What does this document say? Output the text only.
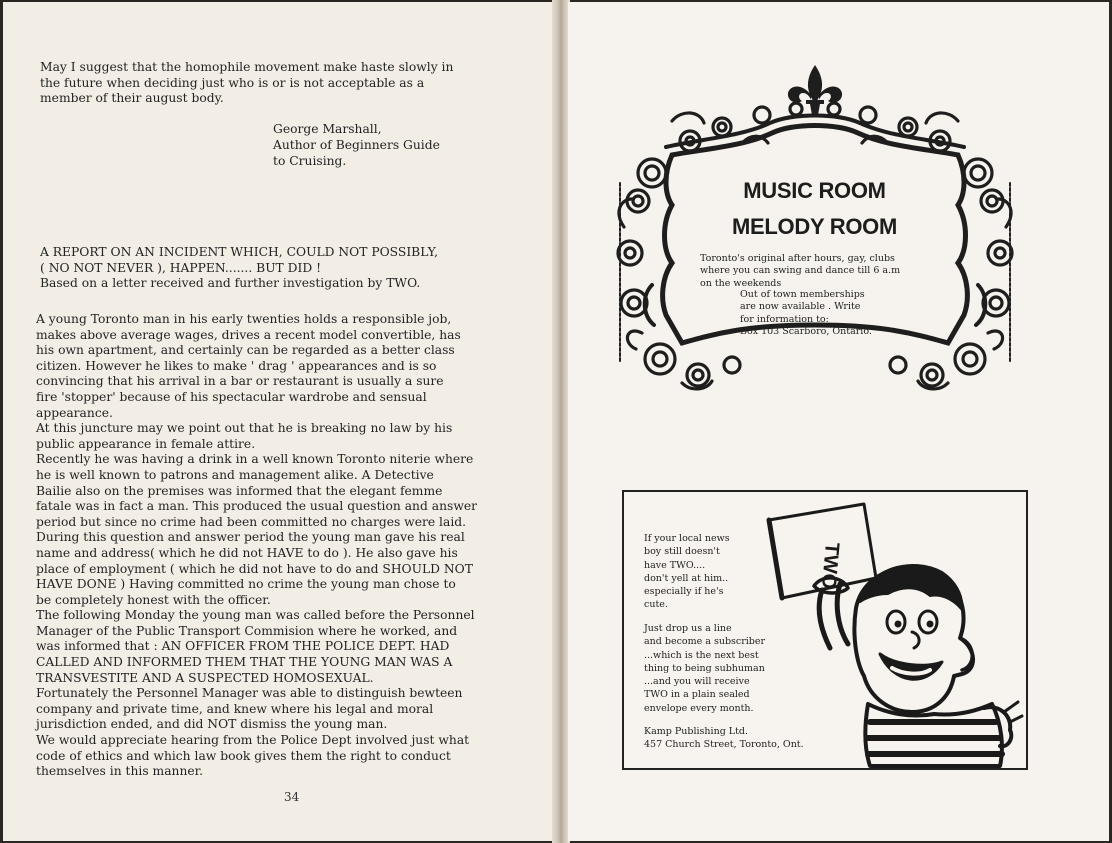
May I suggest that the homophile movement make haste slowly in
the future when deciding just who is or is not acceptable as a
member of their august body.
George Marshall,
Author of Beginners Guide
to Cruising.
A REPORT ON AN INCIDENT WHICH, COULD NOT POSSIBLY,
( NO NOT NEVER ), HAPPEN....... BUT DID !
Based on a letter received and further investigation by TWO.
A young Toronto man in his early twenties holds a responsible job,
makes above average wages, drives a recent model convertible, has
his own apartment, and certainly can be regarded as a better class
citizen. However he likes to make ' drag ' appearances and is so
convincing that his arrival in a bar or restaurant is usually a sure
fire 'stopper' because of his spectacular wardrobe and sensual
appearance.
At this juncture may we point out that he is breaking no law by his
public appearance in female attire.
Recently he was having a drink in a well known Toronto niterie where
he is well known to patrons and management alike. A Detective
Bailie also on the premises was informed that the elegant femme
fatale was in fact a man. This produced the usual question and answer
period but since no crime had been committed no charges were laid.
During this question and answer period the young man gave his real
name and address( which he did not HAVE to do ). He also gave his
place of employment ( which he did not have to do and SHOULD NOT
HAVE DONE ) Having committed no crime the young man chose to
be completely honest with the officer.
The following Monday the young man was called before the Personnel
Manager of the Public Transport Commision where he worked, and
was informed that : AN OFFICER FROM THE POLICE DEPT. HAD
CALLED AND INFORMED THEM THAT THE YOUNG MAN WAS A
TRANSVESTITE AND A SUSPECTED HOMOSEXUAL.
Fortunately the Personnel Manager was able to distinguish bewteen
company and private time, and knew where his legal and moral
jurisdiction ended, and did NOT dismiss the young man.
We would appreciate hearing from the Police Dept involved just what
code of ethics and which law book gives them the right to conduct
themselves in this manner.
34
MUSIC ROOM
MELODY ROOM
Toronto's original after hours, gay, clubs
where you can swing and dance till 6 a.m
on the weekends
Out of town memberships
are now available . Write
for information to:
Box 103 Scarboro, Ontario.
If your local news
boy still doesn't
have TWO....
don't yell at him..
especially if he's
cute.
Just drop us a line
and become a subscriber
...which is the next best
thing to being subhuman
...and you will receive
TWO in a plain sealed
envelope every month.
Kamp Publishing Ltd.
457 Church Street, Toronto, Ont.
TWO
